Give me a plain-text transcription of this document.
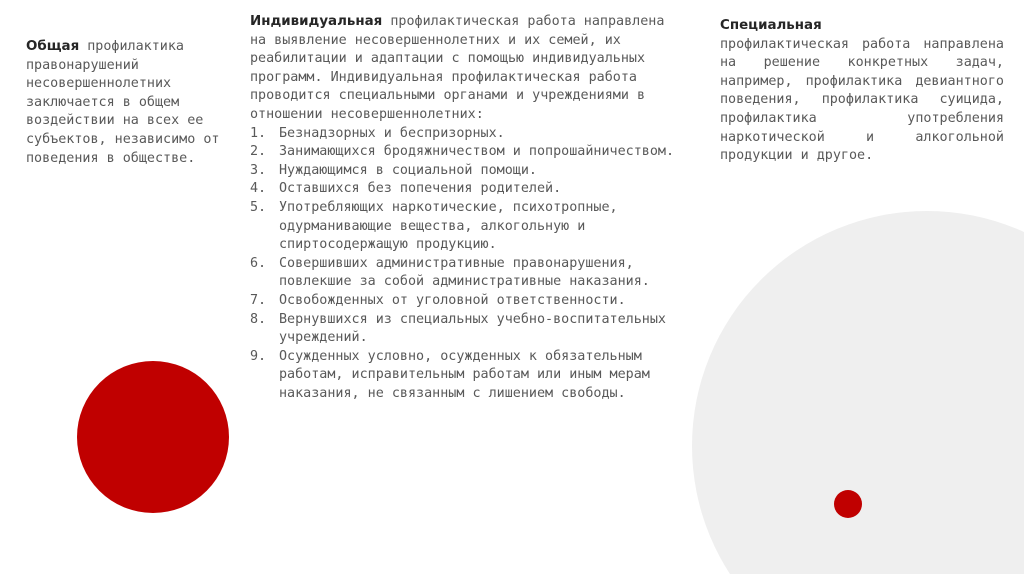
Общая профилактика правонарушений несовершеннолетних заключается в общем воздействии на всех ее субъектов, независимо от поведения в обществе.
Индивидуальная профилактическая работа направлена на выявление несовершеннолетних и их семей, их реабилитации и адаптации с помощью индивидуальных программ. Индивидуальная профилактическая работа проводится специальными органами и учреждениями в отношении несовершеннолетних:
1. Безнадзорных и беспризорных.
2. Занимающихся бродяжничеством и попрошайничеством.
3. Нуждающимся в социальной помощи.
4. Оставшихся без попечения родителей.
5. Употребляющих наркотические, психотропные, одурманивающие вещества, алкогольную и спиртосодержащую продукцию.
6. Совершивших административные правонарушения, повлекшие за собой административные наказания.
7. Освобожденных от уголовной ответственности.
8. Вернувшихся из специальных учебно-воспитательных учреждений.
9. Осужденных условно, осужденных к обязательным работам, исправительным работам или иным мерам наказания, не связанным с лишением свободы.
Специальная
профилактическая работа направлена на решение конкретных задач, например, профилактика девиантного поведения, профилактика суицида, профилактика употребления наркотической и алкогольной продукции и другое.
